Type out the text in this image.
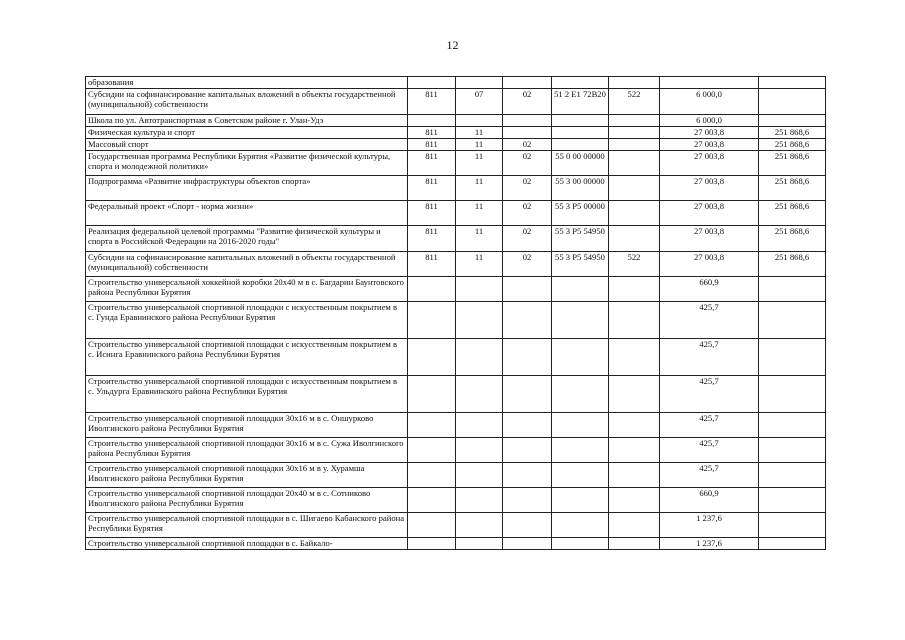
12
образования							
Субсидии на софинансирование капитальных вложений в объекты государственной (муниципальной) собственности	811	07	02	51 2 Е1 72В20	522	6 000,0	
Школа по ул. Автотранспортная в Советском районе г. Улан-Удэ						6 000,0	
Физическая культура и спорт	811	11				27 003,8	251 868,6
Массовый спорт	811	11	02			27 003,8	251 868,6
Государственная программа Республики Бурятия «Развитие физической культуры, спорта и молодежной политики»	811	11	02	55 0 00 00000		27 003,8	251 868,6
Подпрограмма «Развитие инфраструктуры объектов спорта»	811	11	02	55 3 00 00000		27 003,8	251 868,6
Федеральный проект «Спорт - норма жизни»	811	11	02	55 3 Р5 00000		27 003,8	251 868,6
Реализация федеральной целевой программы "Развитие физической культуры и спорта в Российской Федерации на 2016-2020 годы"	811	11	02	55 3 Р5 54950		27 003,8	251 868,6
Субсидии на софинансирование капитальных вложений в объекты государственной (муниципальной) собственности	811	11	02	55 3 Р5 54950	522	27 003,8	251 868,6
Строительство универсальной хоккейной коробки 20х40 м в с. Багдарин Баунтовского района Республики Бурятия						660,9	
Строительство универсальной спортивной площадки с искусственным покрытием в с. Гунда Еравнинского района Республики Бурятия						425,7	
Строительство универсальной спортивной площадки с искусственным покрытием в с. Исинга Еравнинского района Республики Бурятия						425,7	
Строительство универсальной спортивной площадки с искусственным покрытием в с. Ульдурга Еравнинского района Республики Бурятия						425,7	
Строительство универсальной спортивной площадки 30х16 м в с. Оншурково Иволгинского района Республики Бурятия						425,7	
Строительство универсальной спортивной площадки 30х16 м в с. Сужа Иволгинского района Республики Бурятия						425,7	
Строительство универсальной спортивной площадки 30х16 м в у. Хурамша Иволгинского района Республики Бурятия						425,7	
Строительство универсальной спортивной площадки 20х40 м в с. Сотниково Иволгинского района Республики Бурятия						660,9	
Строительство универсальной спортивной площадки в с. Шигаево Кабанского района Республики Бурятия						1 237,6	
Строительство универсальной спортивной площадки в с. Байкало-						1 237,6	
